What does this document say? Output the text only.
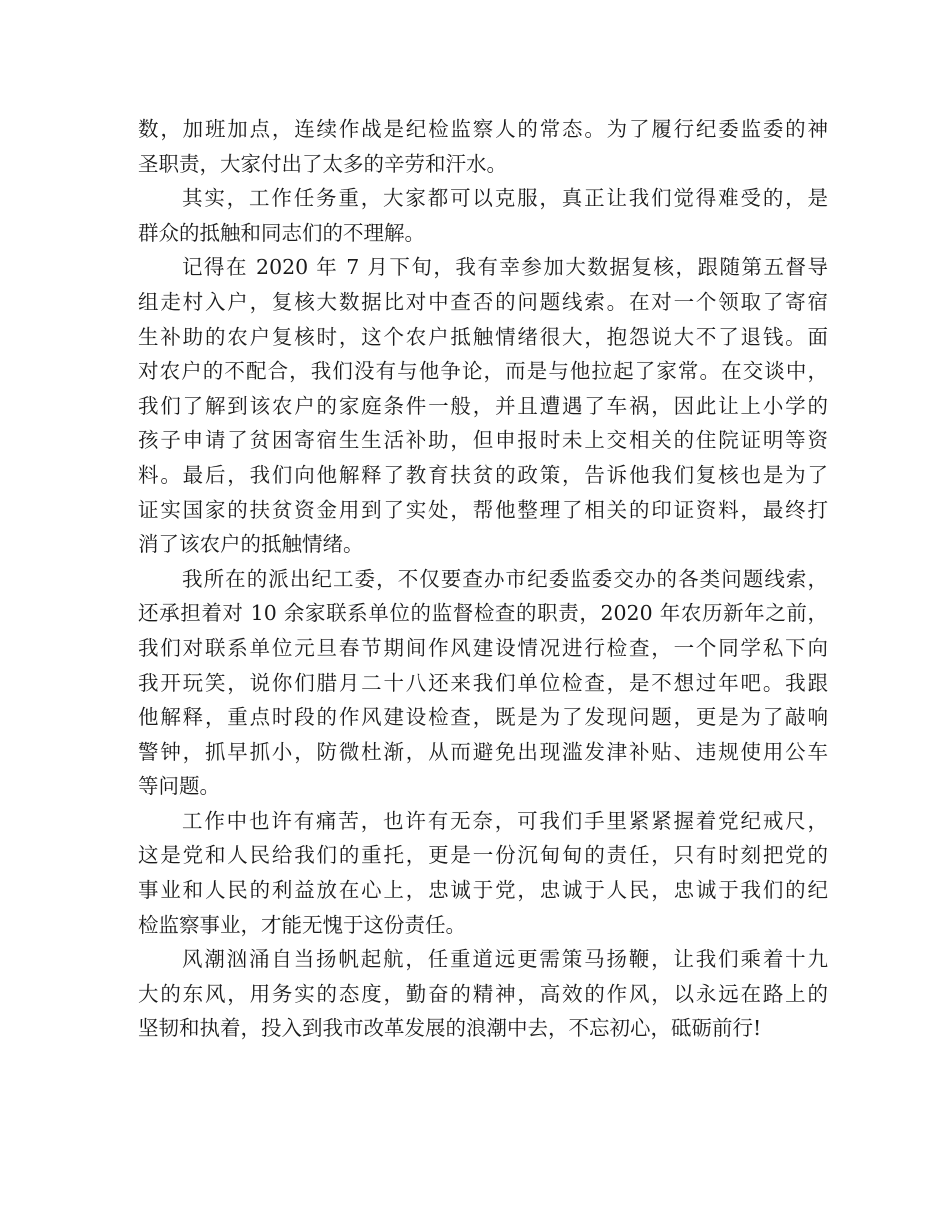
数，加班加点，连续作战是纪检监察人的常态。为了履行纪委监委的神
圣职责，大家付出了太多的辛劳和汗水。
其实，工作任务重，大家都可以克服，真正让我们觉得难受的，是
群众的抵触和同志们的不理解。
记得在 2020 年 7 月下旬，我有幸参加大数据复核，跟随第五督导
组走村入户，复核大数据比对中查否的问题线索。在对一个领取了寄宿
生补助的农户复核时，这个农户抵触情绪很大，抱怨说大不了退钱。面
对农户的不配合，我们没有与他争论，而是与他拉起了家常。在交谈中，
我们了解到该农户的家庭条件一般，并且遭遇了车祸，因此让上小学的
孩子申请了贫困寄宿生生活补助，但申报时未上交相关的住院证明等资
料。最后，我们向他解释了教育扶贫的政策，告诉他我们复核也是为了
证实国家的扶贫资金用到了实处，帮他整理了相关的印证资料，最终打
消了该农户的抵触情绪。
我所在的派出纪工委，不仅要查办市纪委监委交办的各类问题线索，
还承担着对 10 余家联系单位的监督检查的职责，2020 年农历新年之前，
我们对联系单位元旦春节期间作风建设情况进行检查，一个同学私下向
我开玩笑，说你们腊月二十八还来我们单位检查，是不想过年吧。我跟
他解释，重点时段的作风建设检查，既是为了发现问题，更是为了敲响
警钟，抓早抓小，防微杜渐，从而避免出现滥发津补贴、违规使用公车
等问题。
工作中也许有痛苦，也许有无奈，可我们手里紧紧握着党纪戒尺，
这是党和人民给我们的重托，更是一份沉甸甸的责任，只有时刻把党的
事业和人民的利益放在心上，忠诚于党，忠诚于人民，忠诚于我们的纪
检监察事业，才能无愧于这份责任。
风潮汹涌自当扬帆起航，任重道远更需策马扬鞭，让我们乘着十九
大的东风，用务实的态度，勤奋的精神，高效的作风，以永远在路上的
坚韧和执着，投入到我市改革发展的浪潮中去，不忘初心，砥砺前行!
